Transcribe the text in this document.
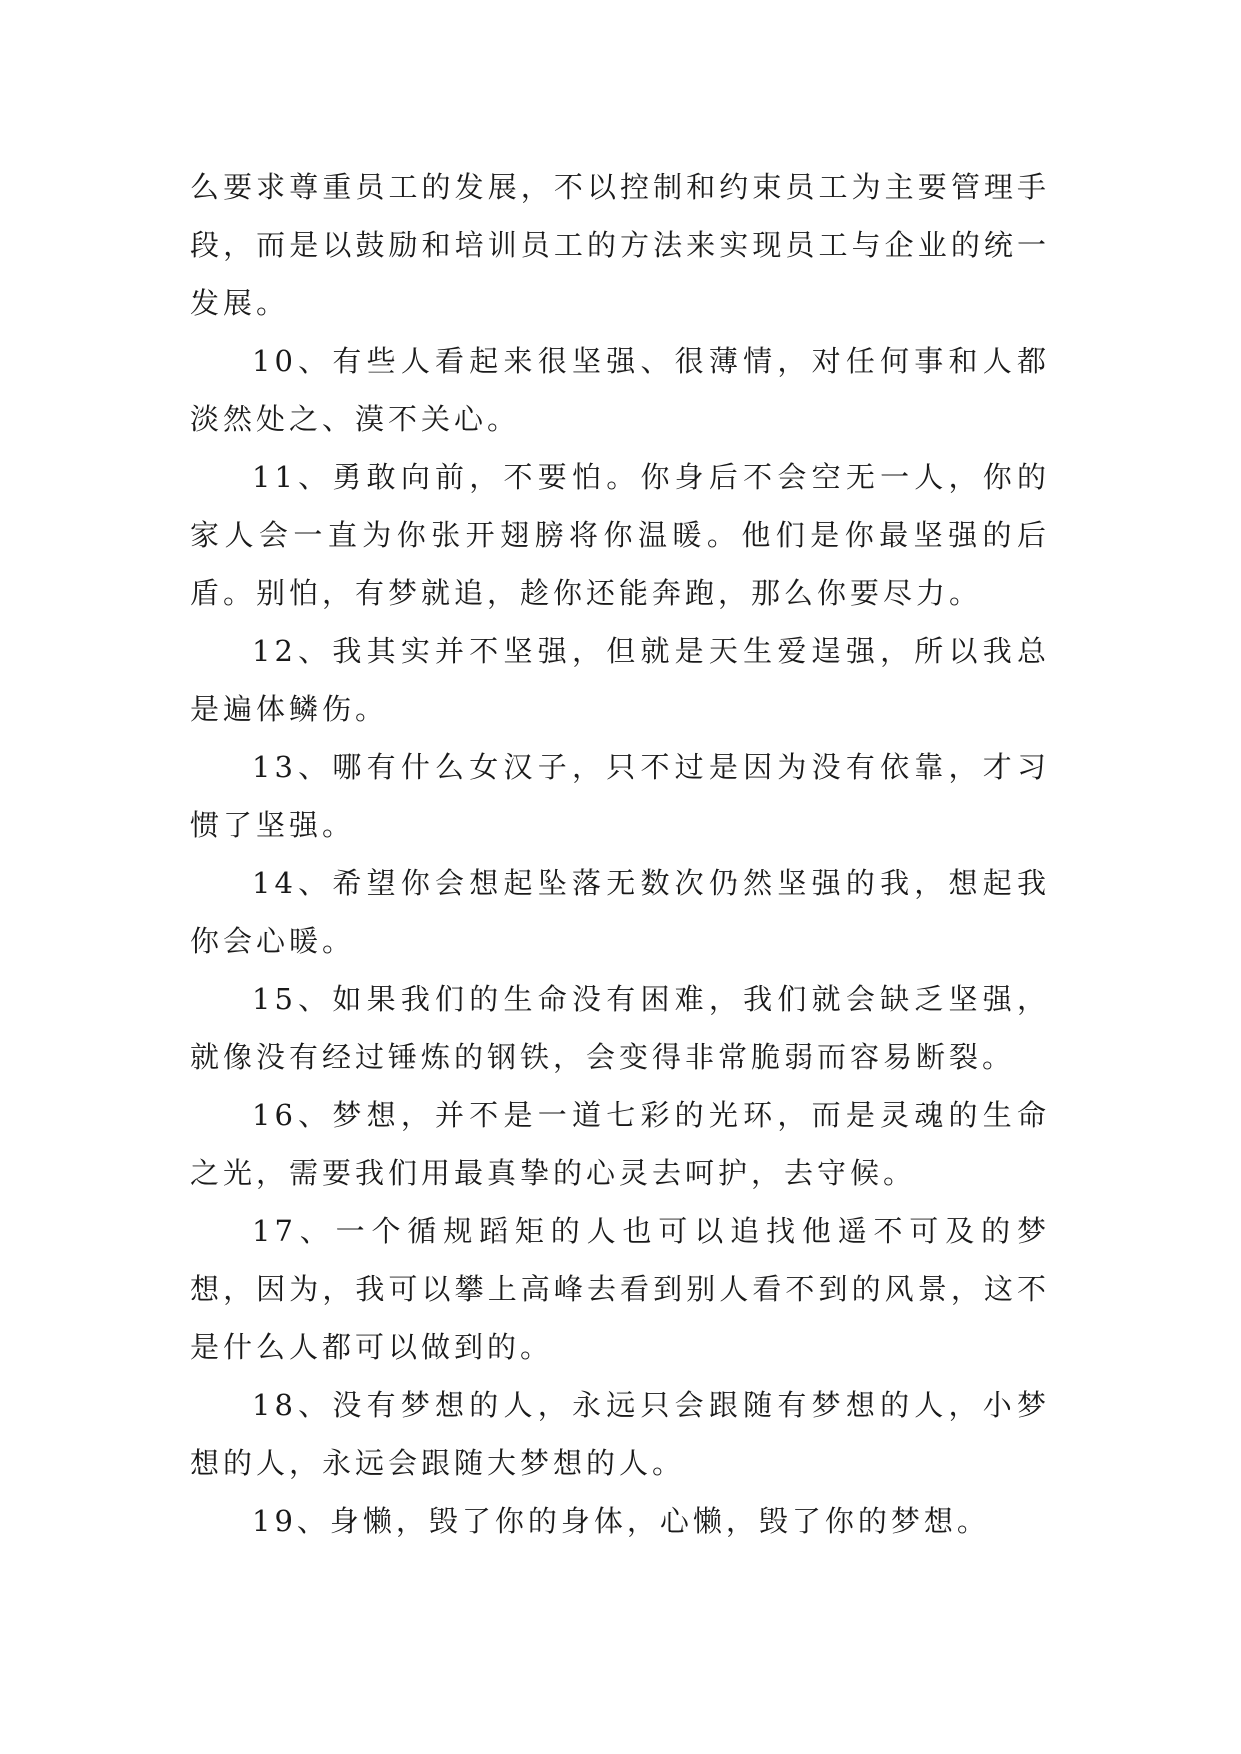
么要求尊重员工的发展，不以控制和约束员工为主要管理手段，而是以鼓励和培训员工的方法来实现员工与企业的统一发展。

10、有些人看起来很坚强、很薄情，对任何事和人都淡然处之、漠不关心。

11、勇敢向前，不要怕。你身后不会空无一人，你的家人会一直为你张开翅膀将你温暖。他们是你最坚强的后盾。别怕，有梦就追，趁你还能奔跑，那么你要尽力。

12、我其实并不坚强，但就是天生爱逞强，所以我总是遍体鳞伤。

13、哪有什么女汉子，只不过是因为没有依靠，才习惯了坚强。

14、希望你会想起坠落无数次仍然坚强的我，想起我你会心暖。

15、如果我们的生命没有困难，我们就会缺乏坚强，就像没有经过锤炼的钢铁，会变得非常脆弱而容易断裂。

16、梦想，并不是一道七彩的光环，而是灵魂的生命之光，需要我们用最真挚的心灵去呵护，去守候。

17、一个循规蹈矩的人也可以追找他遥不可及的梦想，因为，我可以攀上高峰去看到别人看不到的风景，这不是什么人都可以做到的。

18、没有梦想的人，永远只会跟随有梦想的人，小梦想的人，永远会跟随大梦想的人。

19、身懒，毁了你的身体，心懒，毁了你的梦想。
